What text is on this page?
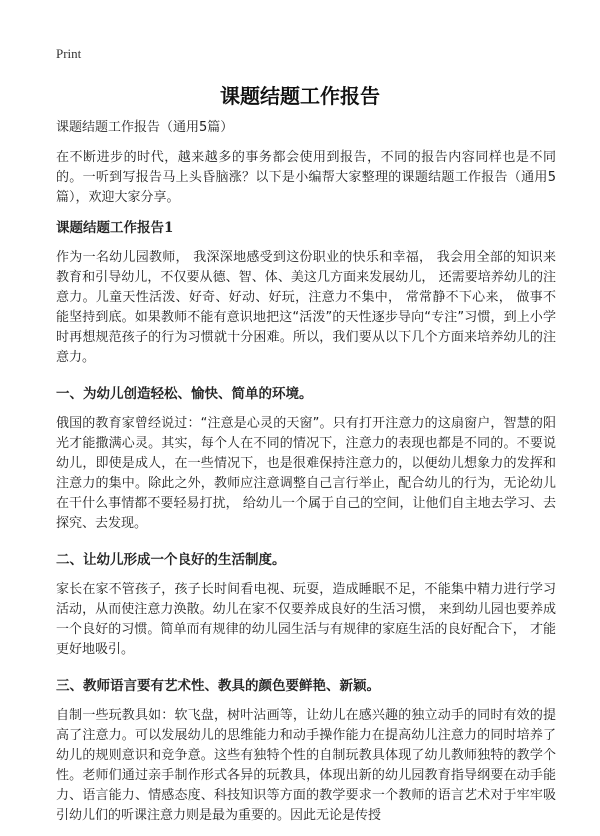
Print
课题结题工作报告

课题结题工作报告（通用5篇）

在不断进步的时代，越来越多的事务都会使用到报告，不同的报告内容同样也是不同的。一听到写报告马上头昏脑涨？以下是小编帮大家整理的课题结题工作报告（通用5篇），欢迎大家分享。

课题结题工作报告1

作为一名幼儿园教师， 我深深地感受到这份职业的快乐和幸福， 我会用全部的知识来教育和引导幼儿，不仅要从德、智、体、美这几方面来发展幼儿， 还需要培养幼儿的注意力。儿童天性活泼、好奇、好动、好玩，注意力不集中， 常常静不下心来， 做事不能坚持到底。如果教师不能有意识地把这“活泼”的天性逐步导向“专注”习惯，到上小学时再想规范孩子的行为习惯就十分困难。所以，我们要从以下几个方面来培养幼儿的注意力。

一、为幼儿创造轻松、愉快、简单的环境。

俄国的教育家曾经说过：“注意是心灵的天窗”。只有打开注意力的这扇窗户，智慧的阳光才能撒满心灵。其实，每个人在不同的情况下，注意力的表现也都是不同的。不要说幼儿，即使是成人，在一些情况下，也是很难保持注意力的，以便幼儿想象力的发挥和注意力的集中。除此之外，教师应注意调整自己言行举止，配合幼儿的行为，无论幼儿在干什么事情都不要轻易打扰， 给幼儿一个属于自己的空间，让他们自主地去学习、去探究、去发现。

二、让幼儿形成一个良好的生活制度。

家长在家不管孩子，孩子长时间看电视、玩耍，造成睡眠不足，不能集中精力进行学习活动，从而使注意力涣散。幼儿在家不仅要养成良好的生活习惯， 来到幼儿园也要养成一个良好的习惯。简单而有规律的幼儿园生活与有规律的家庭生活的良好配合下， 才能更好地吸引。

三、教师语言要有艺术性、教具的颜色要鲜艳、新颖。

自制一些玩教具如：软飞盘，树叶沾画等，让幼儿在感兴趣的独立动手的同时有效的提高了注意力。可以发展幼儿的思维能力和动手操作能力在提高幼儿注意力的同时培养了 幼儿的规则意识和竞争意。这些有独特个性的自制玩教具体现了幼儿教师独特的教学个性。老师们通过亲手制作形式各异的玩教具，体现出新的幼儿园教育指导纲要在动手能力、语言能力、情感态度、科技知识等方面的教学要求一个教师的语言艺术对于牢牢吸引幼儿们的听课注意力则是最为重要的。因此无论是传授
